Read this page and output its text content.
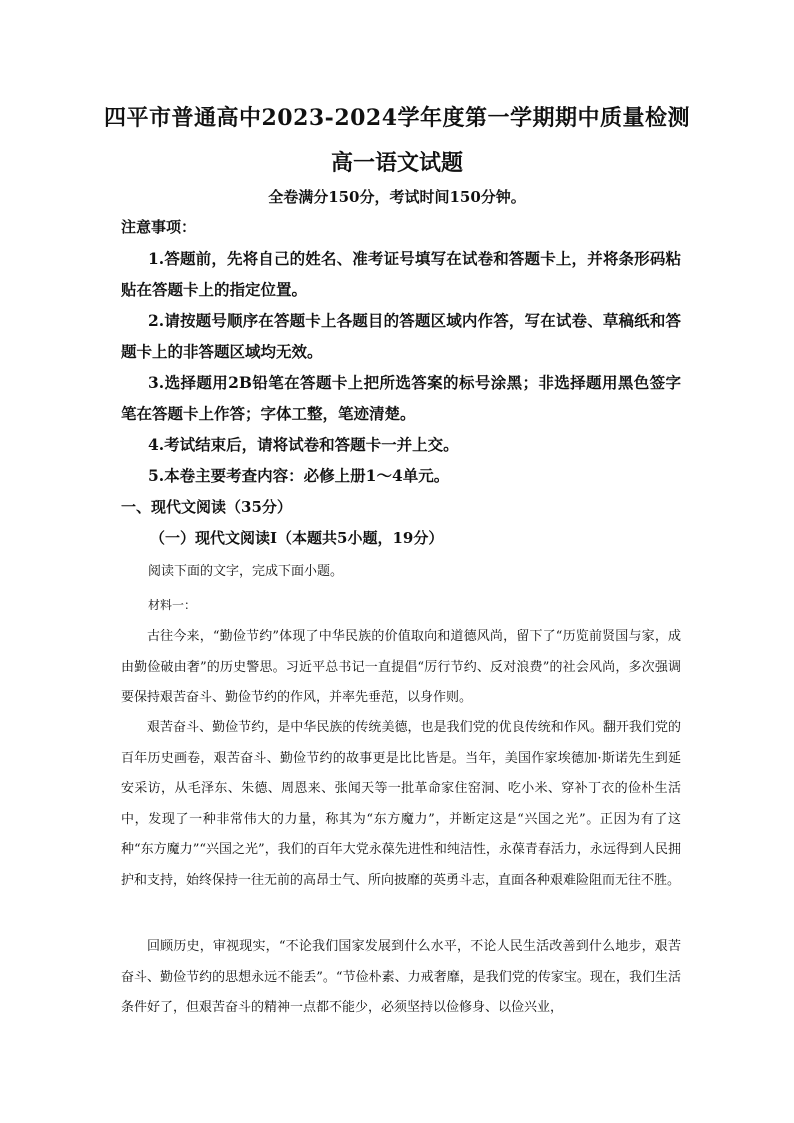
四平市普通高中2023-2024学年度第一学期期中质量检测
高一语文试题
全卷满分150分，考试时间150分钟。
注意事项：
1.答题前，先将自己的姓名、准考证号填写在试卷和答题卡上，并将条形码粘贴在答题卡上的指定位置。
2.请按题号顺序在答题卡上各题目的答题区域内作答，写在试卷、草稿纸和答题卡上的非答题区域均无效。
3.选择题用2B铅笔在答题卡上把所选答案的标号涂黑；非选择题用黑色签字笔在答题卡上作答；字体工整，笔迹清楚。
4.考试结束后，请将试卷和答题卡一并上交。
5.本卷主要考查内容：必修上册1～4单元。
一、现代文阅读（35分）
（一）现代文阅读Ⅰ（本题共5小题，19分）
阅读下面的文字，完成下面小题。
材料一：
古往今来，“勤俭节约”体现了中华民族的价值取向和道德风尚，留下了“历览前贤国与家，成由勤俭破由奢”的历史警思。习近平总书记一直提倡“厉行节约、反对浪费”的社会风尚，多次强调要保持艰苦奋斗、勤俭节约的作风，并率先垂范，以身作则。
艰苦奋斗、勤俭节约，是中华民族的传统美德，也是我们党的优良传统和作风。翻开我们党的百年历史画卷，艰苦奋斗、勤俭节约的故事更是比比皆是。当年，美国作家埃德加·斯诺先生到延安采访，从毛泽东、朱德、周恩来、张闻天等一批革命家住窑洞、吃小米、穿补丁衣的俭朴生活中，发现了一种非常伟大的力量，称其为“东方魔力”，并断定这是“兴国之光”。正因为有了这种“东方魔力”“兴国之光”，我们的百年大党永葆先进性和纯洁性，永葆青春活力，永远得到人民拥护和支持，始终保持一往无前的高昂士气、所向披靡的英勇斗志，直面各种艰难险阻而无往不胜。
回顾历史，审视现实，“不论我们国家发展到什么水平，不论人民生活改善到什么地步，艰苦奋斗、勤俭节约的思想永远不能丢”。“节俭朴素、力戒奢靡，是我们党的传家宝。现在，我们生活条件好了，但艰苦奋斗的精神一点都不能少，必须坚持以俭修身、以俭兴业，
